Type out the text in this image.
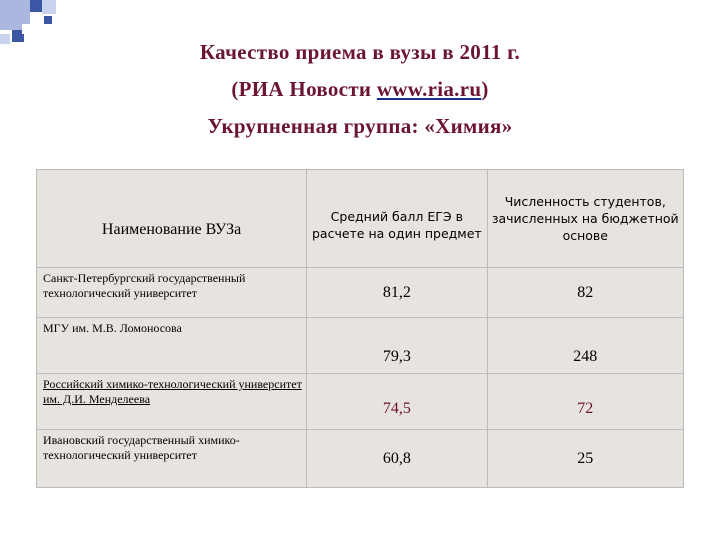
Качество приема в вузы в 2011 г.
(РИА Новости www.ria.ru)
Укрупненная группа: «Химия»
Наименование ВУЗа	Средний балл ЕГЭ в расчете на один предмет	Численность студентов, зачисленных на бюджетной основе
Санкт-Петербургский государственный технологический университет	81,2	82
МГУ им. М.В. Ломоносова	79,3	248
Российский химико-технологический университет им. Д.И. Менделеева	74,5	72
Ивановский государственный химико-технологический университет	60,8	25
